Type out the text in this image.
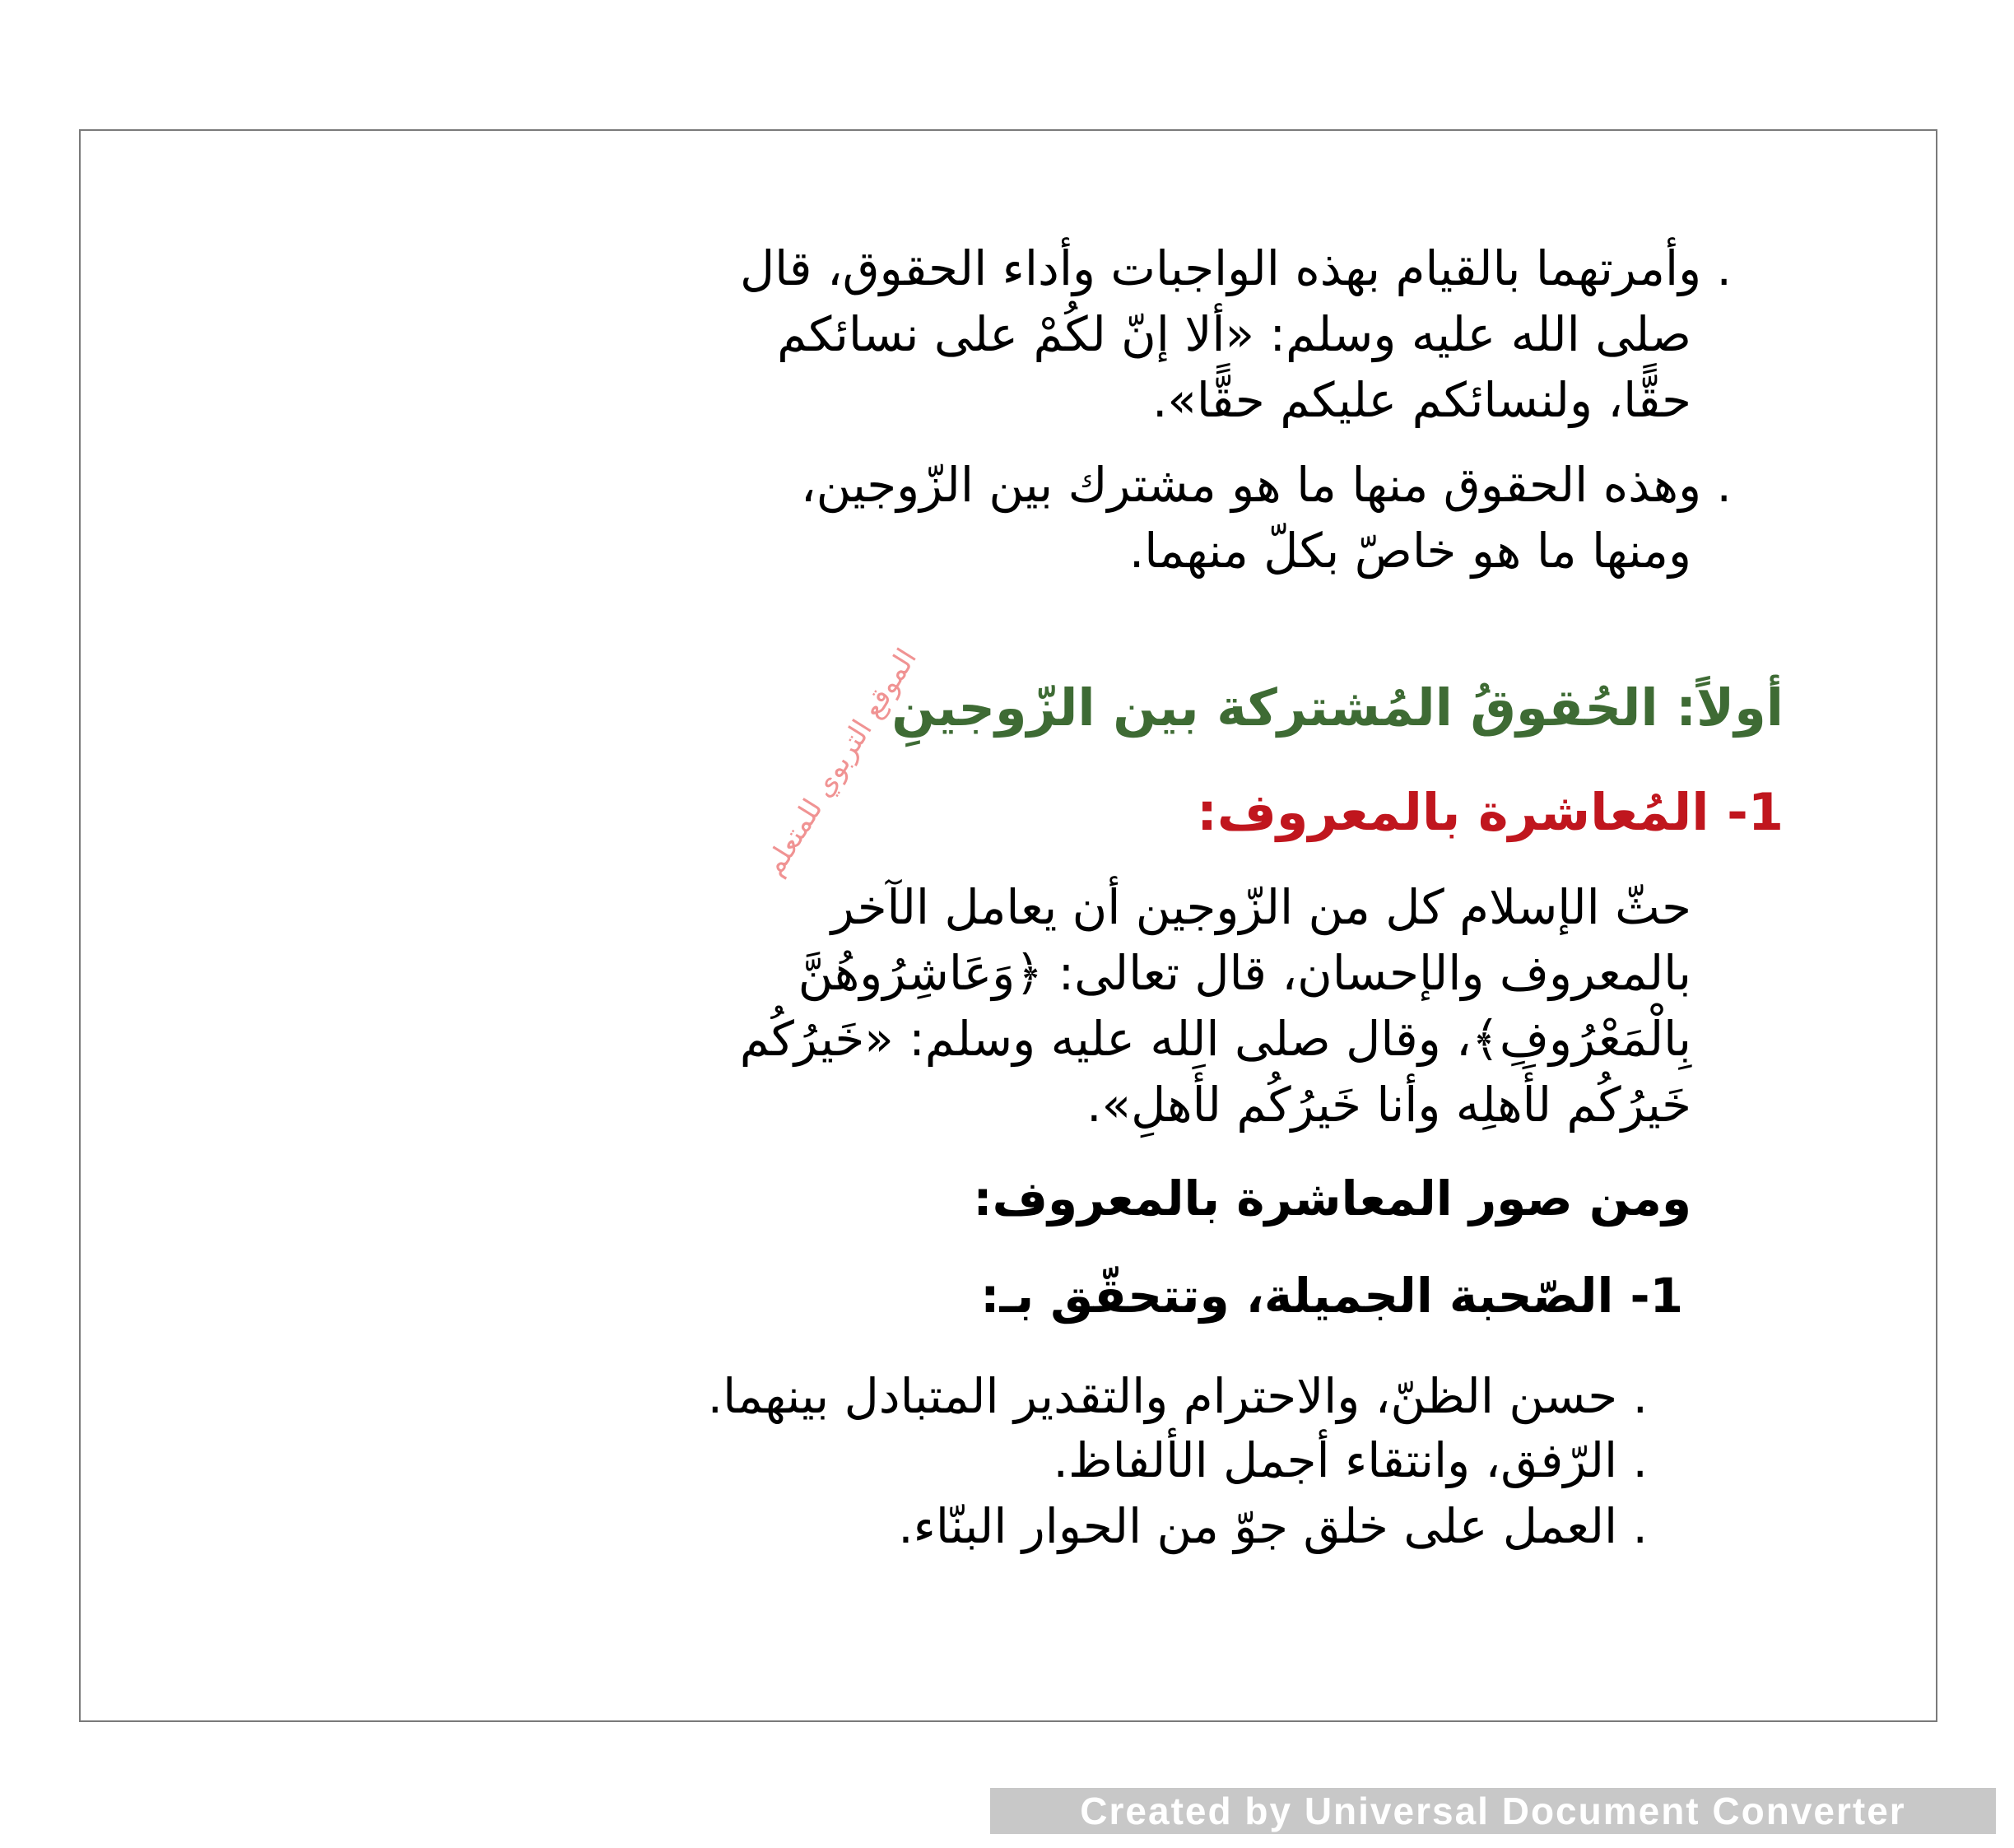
. وأمرتهما بالقيام بهذه الواجبات وأداء الحقوق، قال
صلى الله عليه وسلم: «ألا إنّ لكُمْ على نسائكم
حقًّا، ولنسائكم عليكم حقًّا».
. وهذه الحقوق منها ما هو مشترك بين الزّوجين،
ومنها ما هو خاصّ بكلّ منهما.
أولاً: الحُقوقُ المُشتركة بين الزّوجينِ
1- المُعاشرة بالمعروف:
الموقع التربوي للمتعلم
حثّ الإسلام كل من الزّوجين أن يعامل الآخر
بالمعروف والإحسان، قال تعالى: ﴿وَعَاشِرُوهُنَّ
بِالْمَعْرُوفِ﴾، وقال صلى الله عليه وسلم: «خَيرُكُم
خَيرُكُم لأَهلِه وأنا خَيرُكُم لأَهلِ».
ومن صور المعاشرة بالمعروف:
1- الصّحبة الجميلة، وتتحقّق بـ:
. حسن الظنّ، والاحترام والتقدير المتبادل بينهما.
. الرّفق، وانتقاء أجمل الألفاظ.
. العمل على خلق جوّ من الحوار البنّاء.
Created by Universal Document Converter
